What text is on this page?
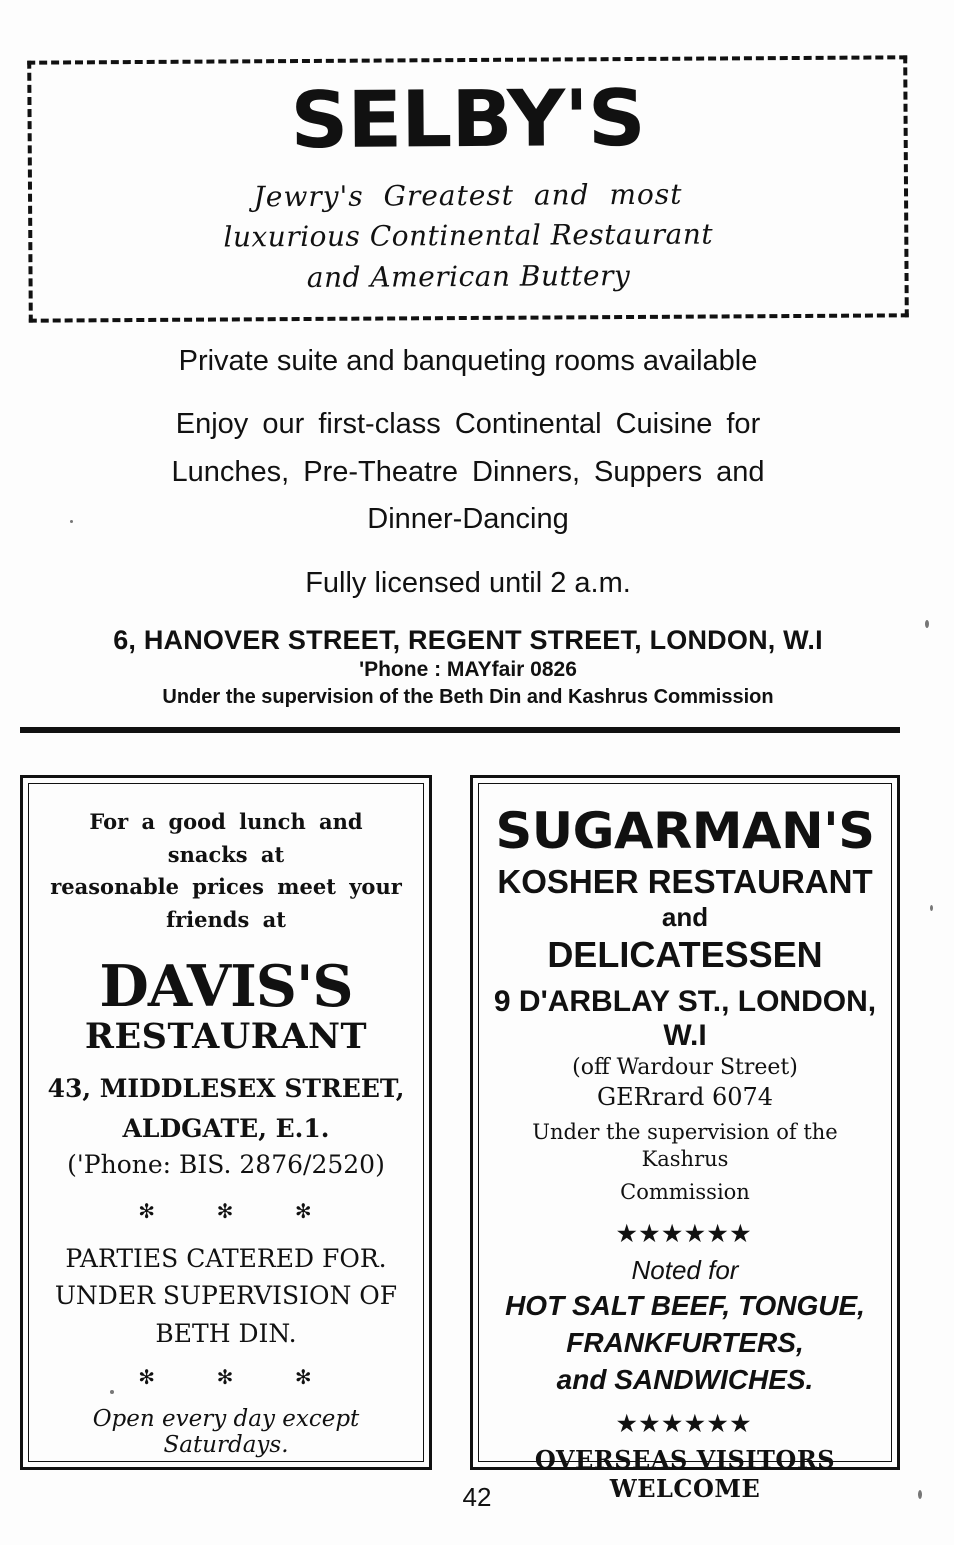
SELBY'S
Jewry's Greatest and most
luxurious Continental Restaurant
and American Buttery

Private suite and banqueting rooms available

Enjoy our first-class Continental Cuisine for

Lunches, Pre-Theatre Dinners, Suppers and

Dinner-Dancing

Fully licensed until 2 a.m.

6, HANOVER STREET, REGENT STREET, LONDON, W.I
'Phone : MAYfair 0826
Under the supervision of the Beth Din and Kashrus Commission
For a good lunch and snacks at
reasonable prices meet your
friends at
DAVIS'S
RESTAURANT
43, MIDDLESEX STREET,
ALDGATE, E.1.
('Phone: BIS. 2876/2520)
✻ ✻ ✻
PARTIES CATERED FOR.
UNDER SUPERVISION OF
BETH DIN.
✻ ✻ ✻
Open every day except Saturdays.
SUGARMAN'S
KOSHER RESTAURANT
and
DELICATESSEN
9 D'ARBLAY ST., LONDON, W.I
(off Wardour Street)
GERrard 6074
Under the supervision of the Kashrus
Commission
★★★★★★
Noted for
HOT SALT BEEF, TONGUE,
FRANKFURTERS,
and SANDWICHES.
★★★★★★
OVERSEAS VISITORS WELCOME
42
